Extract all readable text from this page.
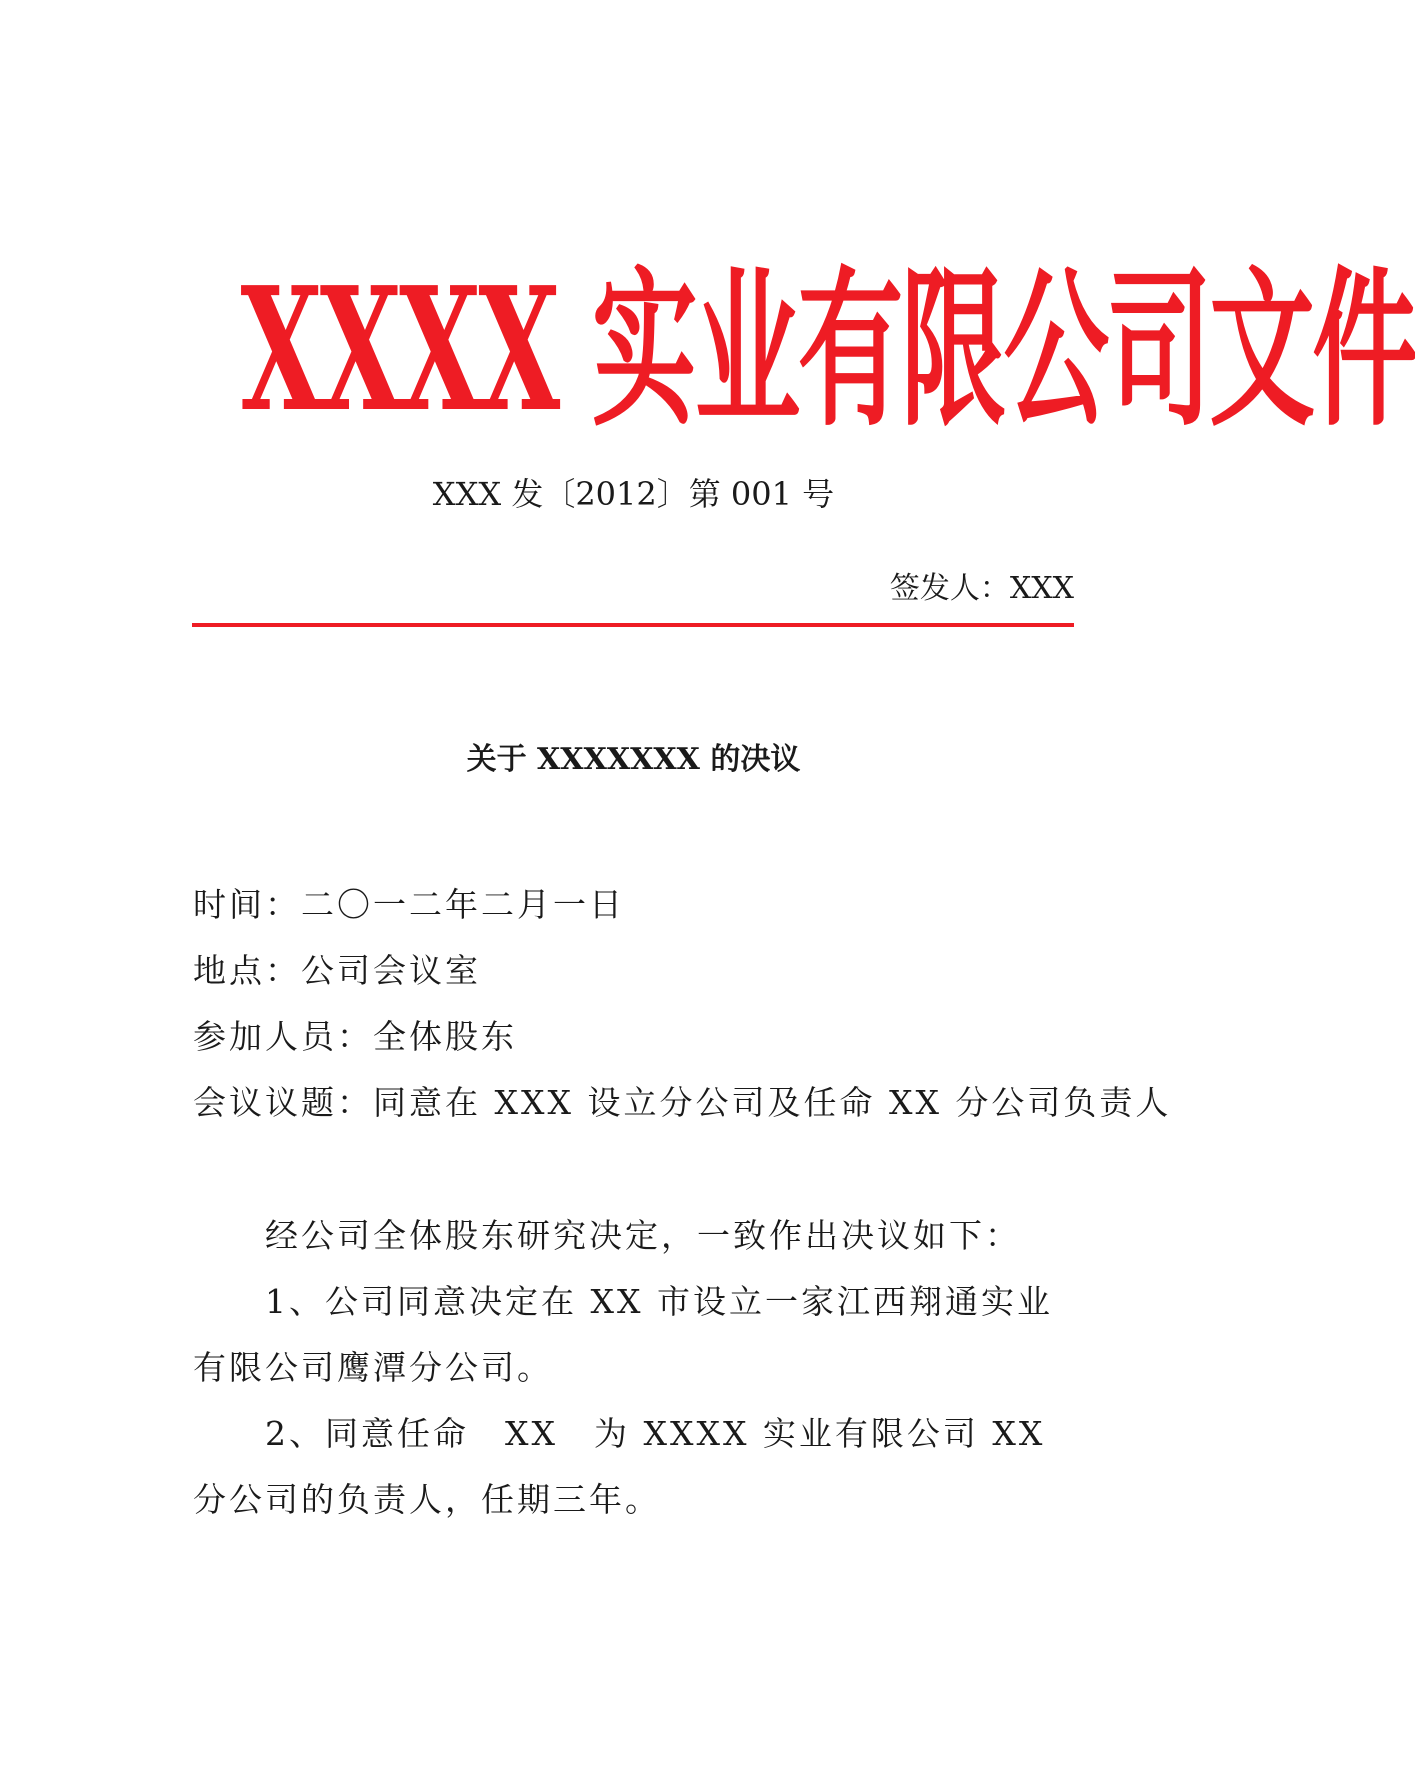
XXXX 实业有限公司文件
XXX 发〔2012〕第 001 号
签发人：XXX
关于 XXXXXXX 的决议
时间：二〇一二年二月一日
地点：公司会议室
参加人员：全体股东
会议议题：同意在 XXX 设立分公司及任命 XX 分公司负责人
经公司全体股东研究决定，一致作出决议如下：
1、公司同意决定在 XX 市设立一家江西翔通实业有限公司鹰潭分公司。
2、同意任命　XX　为 XXXX 实业有限公司 XX 分公司的负责人，任期三年。
